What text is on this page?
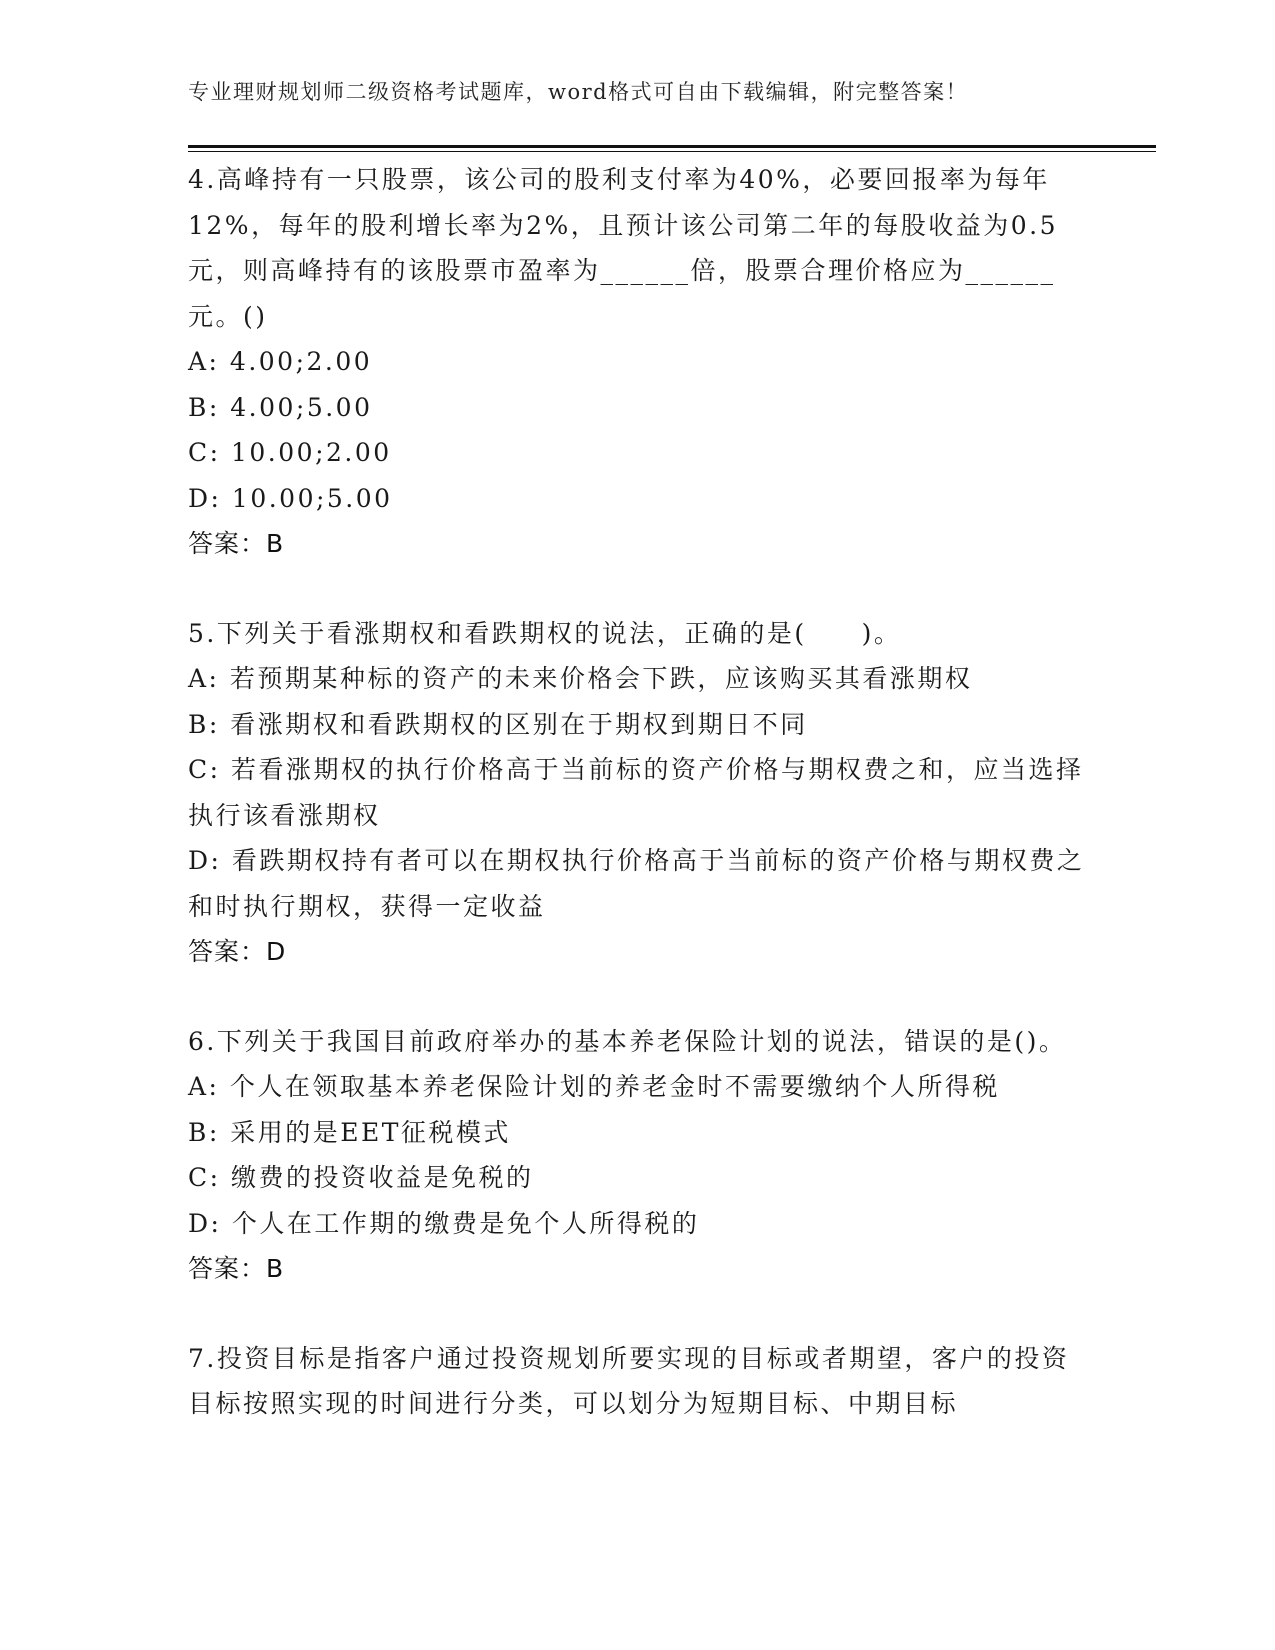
专业理财规划师二级资格考试题库，word格式可自由下载编辑，附完整答案！
4.高峰持有一只股票，该公司的股利支付率为40%，必要回报率为每年12%，每年的股利增长率为2%，且预计该公司第二年的每股收益为0.5元，则高峰持有的该股票市盈率为______倍，股票合理价格应为______元。()
A: 4.00;2.00
B: 4.00;5.00
C: 10.00;2.00
D: 10.00;5.00
答案：B
5.下列关于看涨期权和看跌期权的说法，正确的是(　　)。
A: 若预期某种标的资产的未来价格会下跌，应该购买其看涨期权
B: 看涨期权和看跌期权的区别在于期权到期日不同
C: 若看涨期权的执行价格高于当前标的资产价格与期权费之和，应当选择执行该看涨期权
D: 看跌期权持有者可以在期权执行价格高于当前标的资产价格与期权费之和时执行期权，获得一定收益
答案：D
6.下列关于我国目前政府举办的基本养老保险计划的说法，错误的是()。
A: 个人在领取基本养老保险计划的养老金时不需要缴纳个人所得税
B: 采用的是EET征税模式
C: 缴费的投资收益是免税的
D: 个人在工作期的缴费是免个人所得税的
答案：B
7.投资目标是指客户通过投资规划所要实现的目标或者期望，客户的投资目标按照实现的时间进行分类，可以划分为短期目标、中期目标
